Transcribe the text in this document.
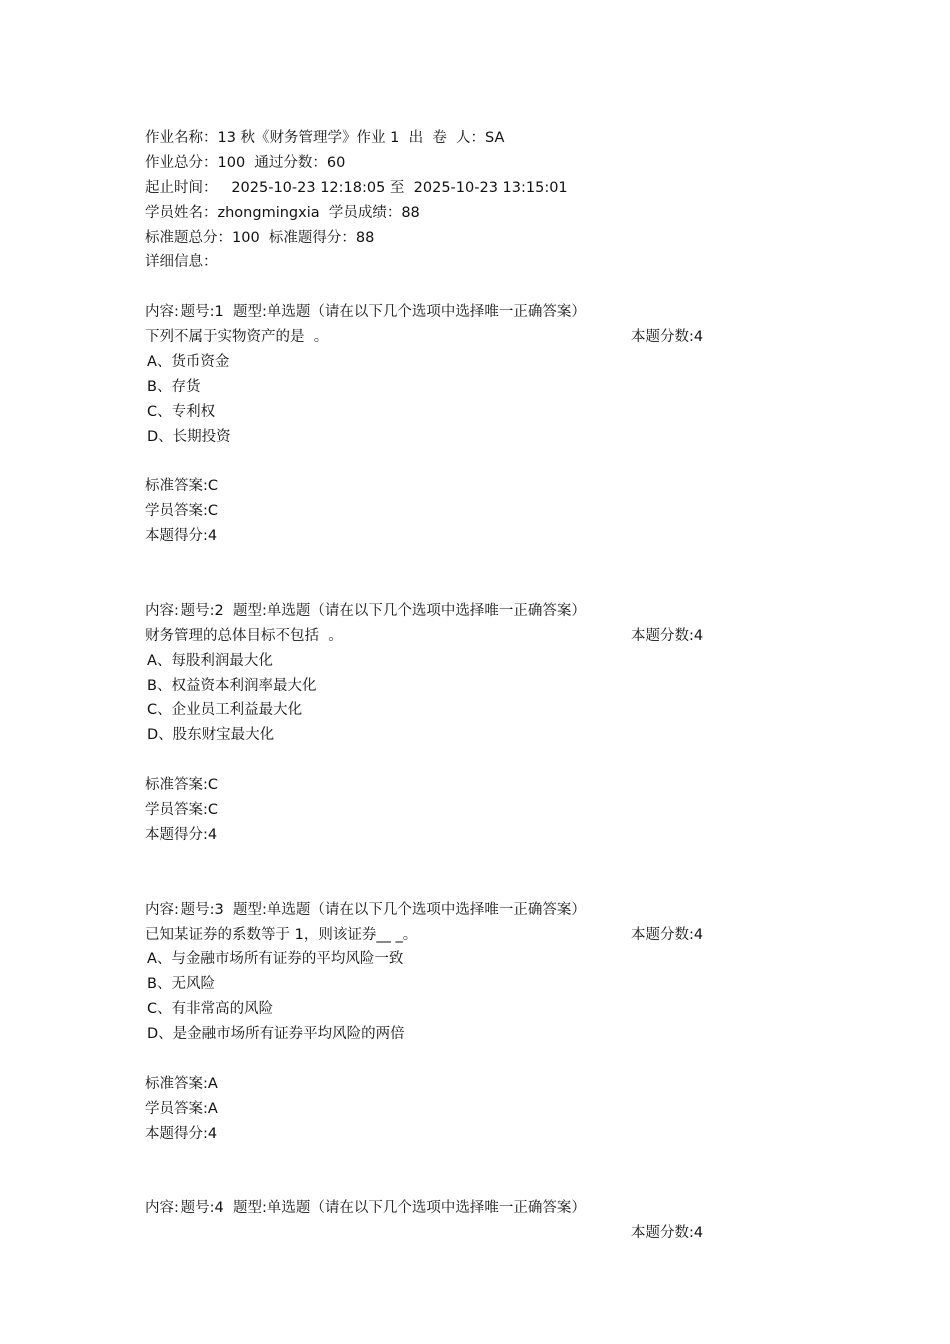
作业名称：13 秋《财务管理学》作业 1  出  卷  人：SA
作业总分：100  通过分数：60
起止时间：   2025-10-23 12:18:05 至  2025-10-23 13:15:01
学员姓名：zhongmingxia  学员成绩：88
标准题总分：100  标准题得分：88
详细信息：

题号:1  题型:单选题（请在以下几个选项中选择唯一正确答案）

本题分数:4

内容:
下列不属于实物资产的是  。
A、货币资金
B、存货
C、专利权
D、长期投资
标准答案:C
学员答案:C
本题得分:4

题号:2  题型:单选题（请在以下几个选项中选择唯一正确答案）

本题分数:4

内容:
财务管理的总体目标不包括  。
A、每股利润最大化
B、权益资本利润率最大化
C、企业员工利益最大化
D、股东财宝最大化
标准答案:C
学员答案:C
本题得分:4

题号:3  题型:单选题（请在以下几个选项中选择唯一正确答案）

本题分数:4

内容:
已知某证券的系数等于 1，则该证券__ _。
A、与金融市场所有证券的平均风险一致
B、无风险
C、有非常高的风险
D、是金融市场所有证券平均风险的两倍
标准答案:A
学员答案:A
本题得分:4

题号:4  题型:单选题（请在以下几个选项中选择唯一正确答案）

本题分数:4

内容:
